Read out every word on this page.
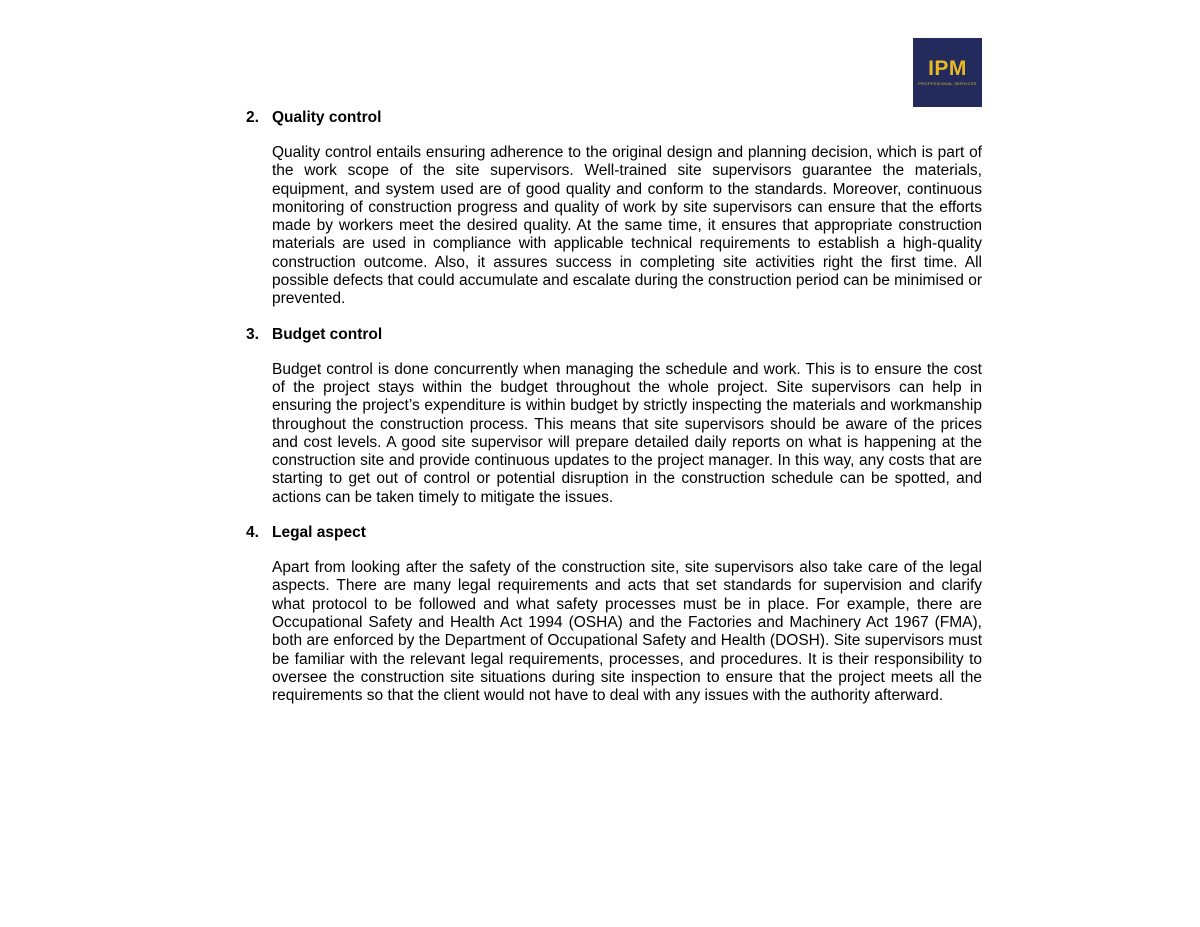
IPM
PROFESSIONAL SERVICES
2. Quality control

Quality control entails ensuring adherence to the original design and planning decision, which is part of the work scope of the site supervisors. Well-trained site supervisors guarantee the materials, equipment, and system used are of good quality and conform to the standards. Moreover, continuous monitoring of construction progress and quality of work by site supervisors can ensure that the efforts made by workers meet the desired quality. At the same time, it ensures that appropriate construction materials are used in compliance with applicable technical requirements to establish a high-quality construction outcome. Also, it assures success in completing site activities right the first time. All possible defects that could accumulate and escalate during the construction period can be minimised or prevented.

3. Budget control

Budget control is done concurrently when managing the schedule and work. This is to ensure the cost of the project stays within the budget throughout the whole project. Site supervisors can help in ensuring the project’s expenditure is within budget by strictly inspecting the materials and workmanship throughout the construction process. This means that site supervisors should be aware of the prices and cost levels. A good site supervisor will prepare detailed daily reports on what is happening at the construction site and provide continuous updates to the project manager. In this way, any costs that are starting to get out of control or potential disruption in the construction schedule can be spotted, and actions can be taken timely to mitigate the issues.

4. Legal aspect

Apart from looking after the safety of the construction site, site supervisors also take care of the legal aspects. There are many legal requirements and acts that set standards for supervision and clarify what protocol to be followed and what safety processes must be in place. For example, there are Occupational Safety and Health Act 1994 (OSHA) and the Factories and Machinery Act 1967 (FMA), both are enforced by the Department of Occupational Safety and Health (DOSH). Site supervisors must be familiar with the relevant legal requirements, processes, and procedures. It is their responsibility to oversee the construction site situations during site inspection to ensure that the project meets all the requirements so that the client would not have to deal with any issues with the authority afterward.
